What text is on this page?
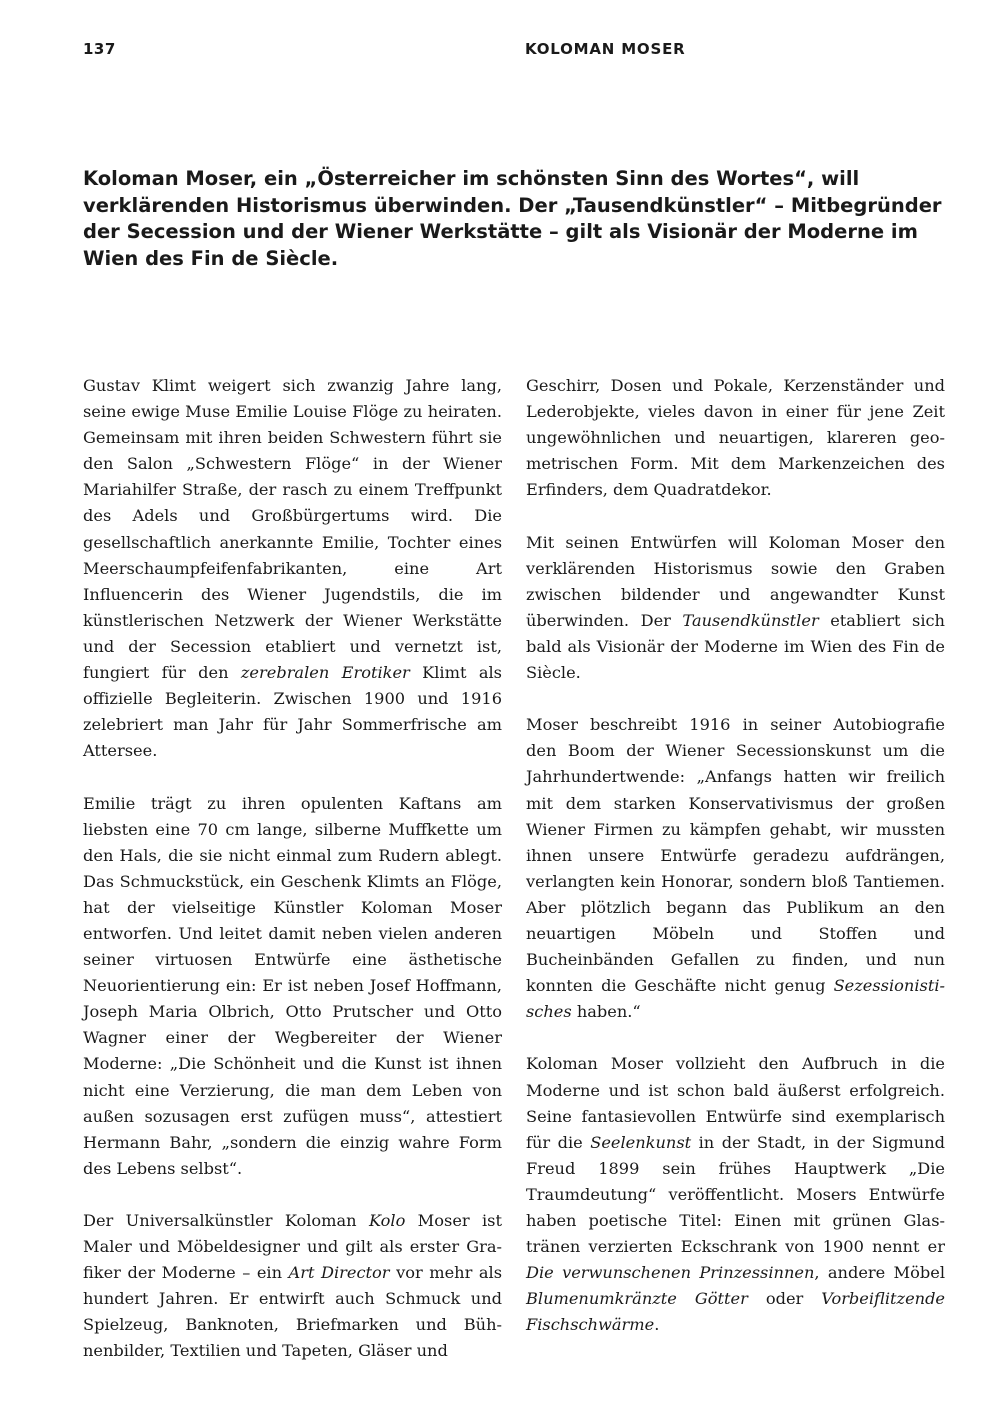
137	KOLOMAN MOSER
Koloman Moser, ein „Österreicher im schönsten Sinn des Wortes“, will verklärenden Historismus überwinden. Der „Tausendkünstler“ – Mitbegründer der Secession und der Wiener Werkstätte – gilt als Visionär der Moderne im Wien des Fin de Siècle.

Gustav Klimt weigert sich zwanzig Jahre lang, seine ewige Muse Emilie Louise Flöge zu heiraten. Gemeinsam mit ihren beiden Schwestern führt sie den Salon „Schwestern Flöge“ in der Wiener Mariahilfer Straße, der rasch zu einem Treffpunkt des Adels und Großbürgertums wird. Die gesellschaftlich anerkannte Emilie, Tochter eines Meerschaumpfeifenfabrikanten, eine Art Influencerin des Wiener Jugendstils, die im künstlerischen Netzwerk der Wiener Werkstätte und der Secession etabliert und vernetzt ist, fungiert für den zerebralen Erotiker Klimt als offizielle Begleiterin. Zwischen 1900 und 1916 zelebriert man Jahr für Jahr Sommerfrische am Attersee.

Emilie trägt zu ihren opulenten Kaftans am liebsten eine 70 cm lange, silberne Muffkette um den Hals, die sie nicht einmal zum Rudern ablegt. Das Schmuckstück, ein Geschenk Klimts an Flöge, hat der vielseitige Künstler Koloman Moser entworfen. Und leitet damit neben vielen anderen seiner virtuosen Entwürfe eine ästhetische Neuorientierung ein: Er ist neben Josef Hoffmann, Joseph Maria Olbrich, Otto Prutscher und Otto Wagner einer der Wegbereiter der Wiener Moderne: „Die Schönheit und die Kunst ist ihnen nicht eine Verzierung, die man dem Leben von außen sozusagen erst zufügen muss“, attestiert Hermann Bahr, „sondern die einzig wahre Form des Lebens selbst“.

Der Universalkünstler Koloman Kolo Moser ist Maler und Möbeldesigner und gilt als erster Grafiker der Moderne – ein Art Director vor mehr als hundert Jahren. Er entwirft auch Schmuck und Spielzeug, Banknoten, Briefmarken und Bühnenbilder, Textilien und Tapeten, Gläser und

Geschirr, Dosen und Pokale, Kerzenständer und Lederobjekte, vieles davon in einer für jene Zeit ungewöhnlichen und neuartigen, klareren geometrischen Form. Mit dem Markenzeichen des Erfinders, dem Quadratdekor.

Mit seinen Entwürfen will Koloman Moser den verklärenden Historismus sowie den Graben zwischen bildender und angewandter Kunst überwinden. Der Tausendkünstler etabliert sich bald als Visionär der Moderne im Wien des Fin de Siècle.

Moser beschreibt 1916 in seiner Autobiografie den Boom der Wiener Secessionskunst um die Jahrhundertwende: „Anfangs hatten wir freilich mit dem starken Konservativismus der großen Wiener Firmen zu kämpfen gehabt, wir mussten ihnen unsere Entwürfe geradezu aufdrängen, verlangten kein Honorar, sondern bloß Tantiemen. Aber plötzlich begann das Publikum an den neuartigen Möbeln und Stoffen und Bucheinbänden Gefallen zu finden, und nun konnten die Geschäfte nicht genug Sezessionistisches haben.“

Koloman Moser vollzieht den Aufbruch in die Moderne und ist schon bald äußerst erfolgreich. Seine fantasievollen Entwürfe sind exemplarisch für die Seelenkunst in der Stadt, in der Sigmund Freud 1899 sein frühes Hauptwerk „Die Traumdeutung“ veröffentlicht. Mosers Entwürfe haben poetische Titel: Einen mit grünen Glastränen verzierten Eckschrank von 1900 nennt er Die verwunschenen Prinzessinnen, andere Möbel Blumenumkränzte Götter oder Vorbeiflitzende Fischschwärme.
